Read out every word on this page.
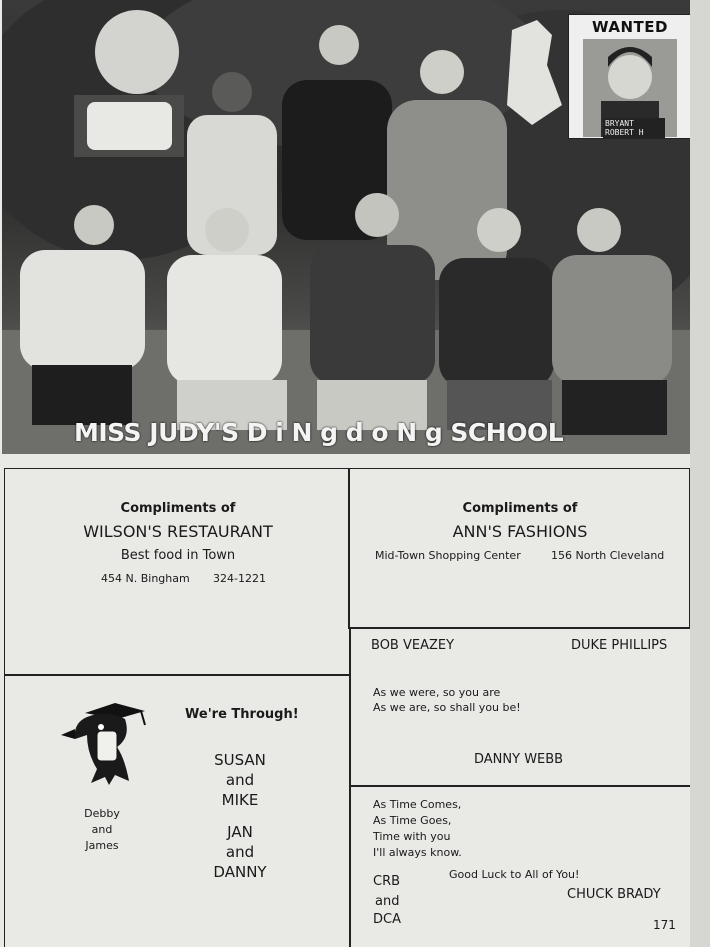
WANTED
BRYANT
ROBERT H
MISS JUDY'S D i N g d o N g SCHOOL
Compliments of
WILSON'S RESTAURANT
Best food in Town
454 N. Bingham 324-1221
Compliments of
ANN'S FASHIONS
Mid-Town Shopping Center	156 North Cleveland
Debby
and
James
We're Through!
SUSAN
and
MIKE
JAN
and
DANNY
BOB VEAZEY	DUKE PHILLIPS
As we were, so you are
As we are, so shall you be!
DANNY WEBB
As Time Comes,
As Time Goes,
Time with you
I'll always know.
Good Luck to All of You!
CRB
and
DCA
CHUCK BRADY
171
